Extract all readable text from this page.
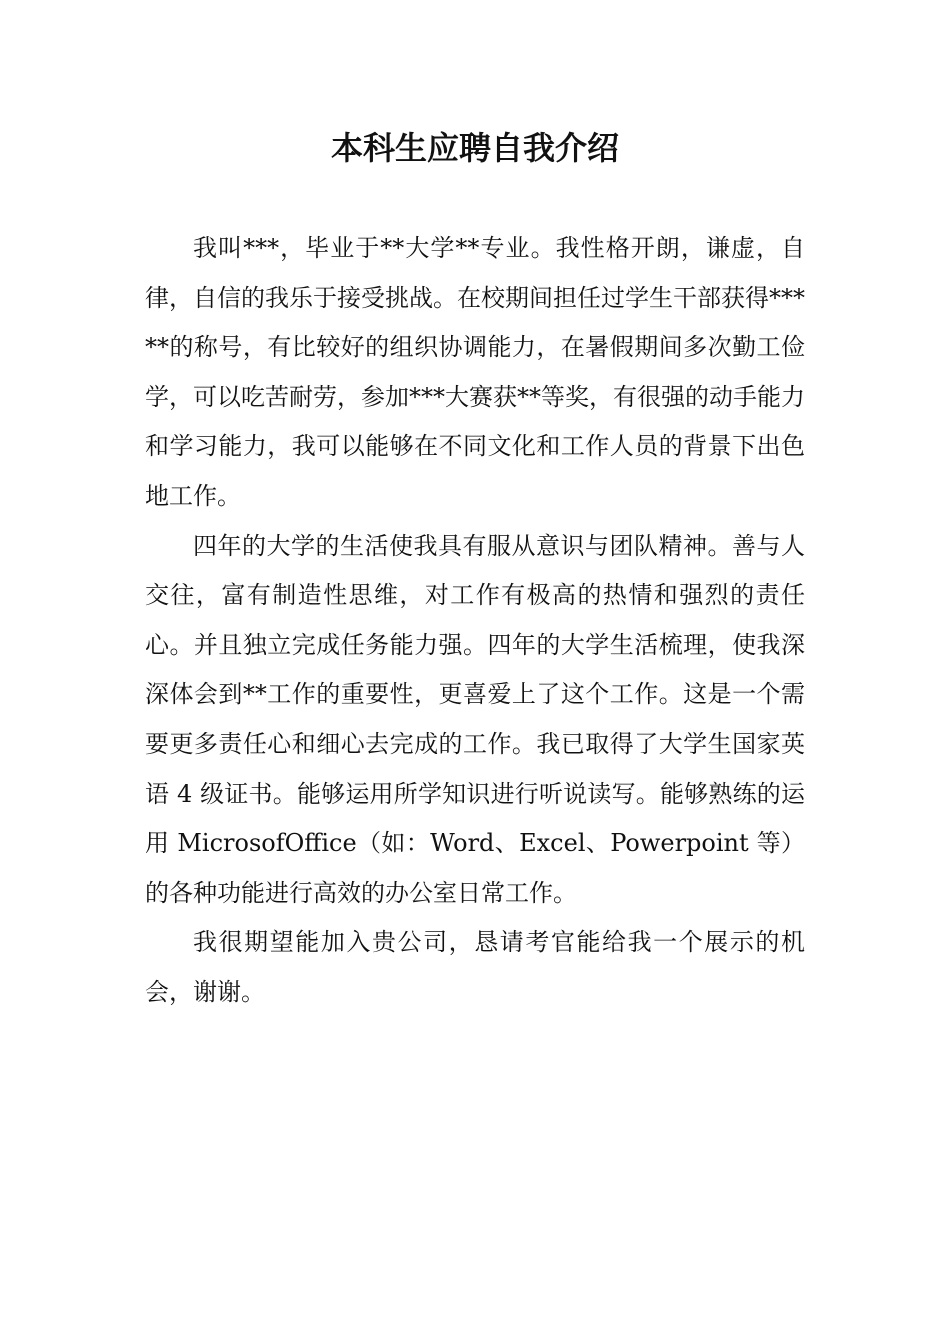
本科生应聘自我介绍

我叫***，毕业于**大学**专业。我性格开朗，谦虚，自律，自信的我乐于接受挑战。在校期间担任过学生干部获得*****的称号，有比较好的组织协调能力，在暑假期间多次勤工俭学，可以吃苦耐劳，参加***大赛获**等奖，有很强的动手能力和学习能力，我可以能够在不同文化和工作人员的背景下出色地工作。

四年的大学的生活使我具有服从意识与团队精神。善与人交往，富有制造性思维，对工作有极高的热情和强烈的责任心。并且独立完成任务能力强。四年的大学生活梳理，使我深深体会到**工作的重要性，更喜爱上了这个工作。这是一个需要更多责任心和细心去完成的工作。我已取得了大学生国家英语 4 级证书。能够运用所学知识进行听说读写。能够熟练的运用 MicrosofOffice（如：Word、Excel、Powerpoint 等）的各种功能进行高效的办公室日常工作。

我很期望能加入贵公司，恳请考官能给我一个展示的机会，谢谢。
